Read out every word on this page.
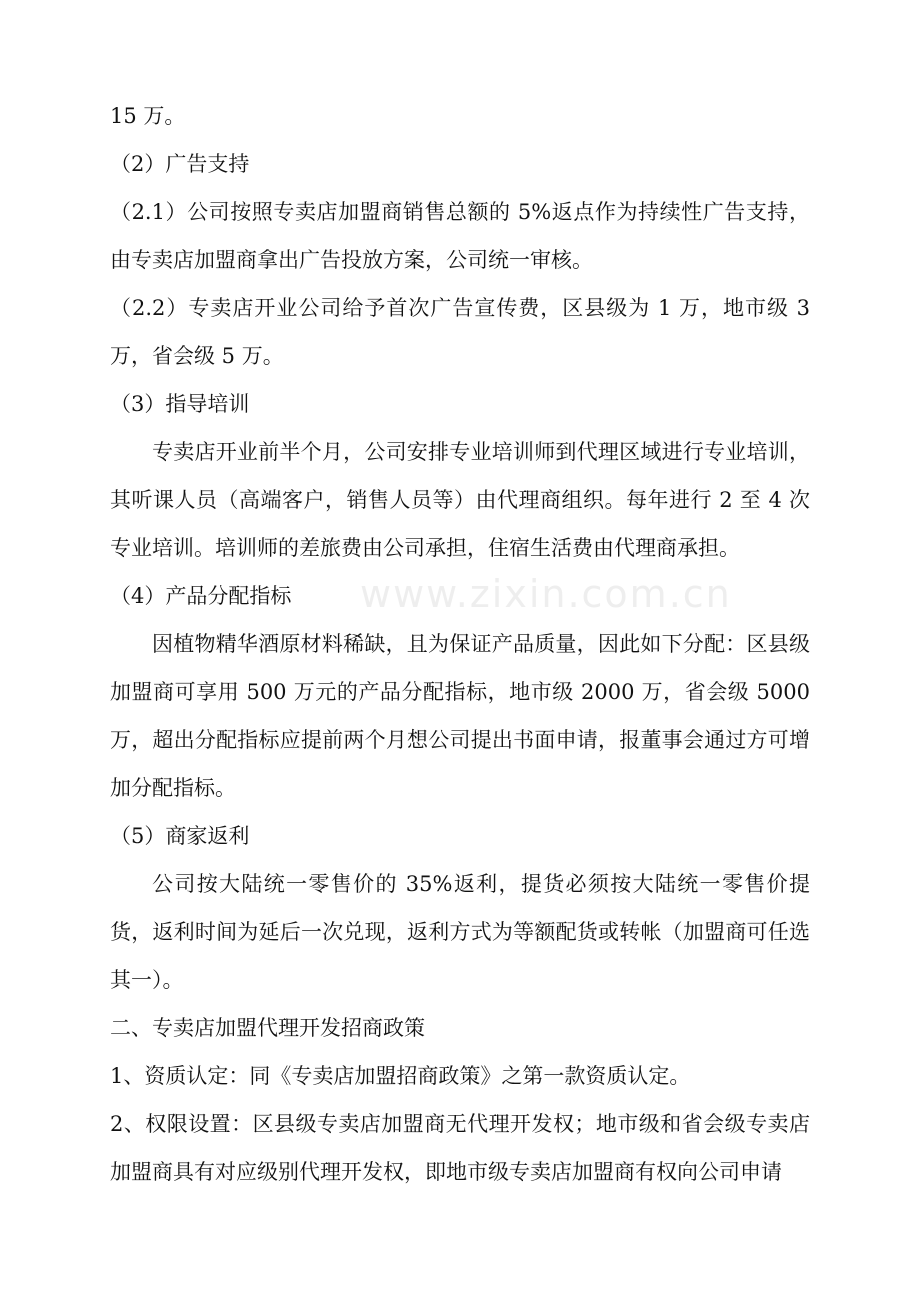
15 万。

（2）广告支持

（2.1）公司按照专卖店加盟商销售总额的 5%返点作为持续性广告支持，由专卖店加盟商拿出广告投放方案，公司统一审核。

（2.2）专卖店开业公司给予首次广告宣传费，区县级为 1 万，地市级 3 万，省会级 5 万。

（3）指导培训

专卖店开业前半个月，公司安排专业培训师到代理区域进行专业培训，其听课人员（高端客户，销售人员等）由代理商组织。每年进行 2 至 4 次专业培训。培训师的差旅费由公司承担，住宿生活费由代理商承担。

（4）产品分配指标

因植物精华酒原材料稀缺，且为保证产品质量，因此如下分配：区县级加盟商可享用 500 万元的产品分配指标，地市级 2000 万，省会级 5000 万，超出分配指标应提前两个月想公司提出书面申请，报董事会通过方可增加分配指标。

（5）商家返利

公司按大陆统一零售价的 35%返利，提货必须按大陆统一零售价提货，返利时间为延后一次兑现，返利方式为等额配货或转帐（加盟商可任选其一）。

二、专卖店加盟代理开发招商政策

1、资质认定：同《专卖店加盟招商政策》之第一款资质认定。

2、权限设置：区县级专卖店加盟商无代理开发权；地市级和省会级专卖店加盟商具有对应级别代理开发权，即地市级专卖店加盟商有权向公司申请
